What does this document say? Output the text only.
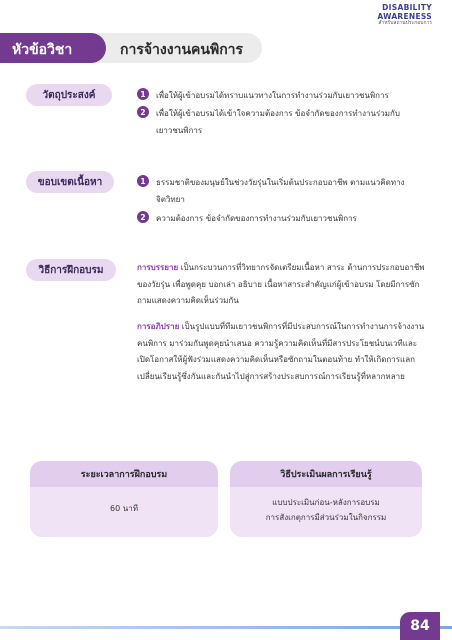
DISABILITY
AWARENESS
สำหรับสถานประกอบการ
หัวข้อวิชา	การจ้างงานคนพิการ
วัตถุประสงค์	1	เพื่อให้ผู้เข้าอบรมได้ทราบแนวทางในการทำงานร่วมกับเยาวชนพิการ
2	เพื่อให้ผู้เข้าอบรมได้เข้าใจความต้องการ ข้อจำกัดของการทำงานร่วมกับเยาวชนพิการ
ขอบเขตเนื้อหา	1	ธรรมชาติของมนุษย์ในช่วงวัยรุ่นในเริ่มต้นประกอบอาชีพ ตามแนวคิดทางจิตวิทยา
2	ความต้องการ ข้อจำกัดของการทำงานร่วมกับเยาวชนพิการ
วิธีการฝึกอบรม	การบรรยาย เป็นกระบวนการที่วิทยากรจัดเตรียมเนื้อหา สาระ ด้านการประกอบอาชีพของวัยรุ่น เพื่อพูดคุย บอกเล่า อธิบาย เนื้อหาสาระสำคัญแก่ผู้เข้าอบรม โดยมีการซักถามแสดงความคิดเห็นร่วมกัน
การอภิปราย เป็นรูปแบบที่ทีมเยาวชนพิการที่มีประสบการณ์ในการทำงานการจ้างงานคนพิการ มาร่วมกันพูดคุยนำเสนอ ความรู้ความคิดเห็นที่มีสารประโยชน์บนเวทีและเปิดโอกาสให้ผู้ฟังร่วมแสดงความคิดเห็นหรือซักถามในตอนท้าย ทำให้เกิดการแลกเปลี่ยนเรียนรู้ซึ่งกันและกันนำไปสู่การสร้างประสบการณ์การเรียนรู้ที่หลากหลาย
ระยะเวลาการฝึกอบรม
60 นาที
วิธีประเมินผลการเรียนรู้
แบบประเมินก่อน-หลังการอบรม
การสังเกตุการมีส่วนร่วมในกิจกรรม
84
